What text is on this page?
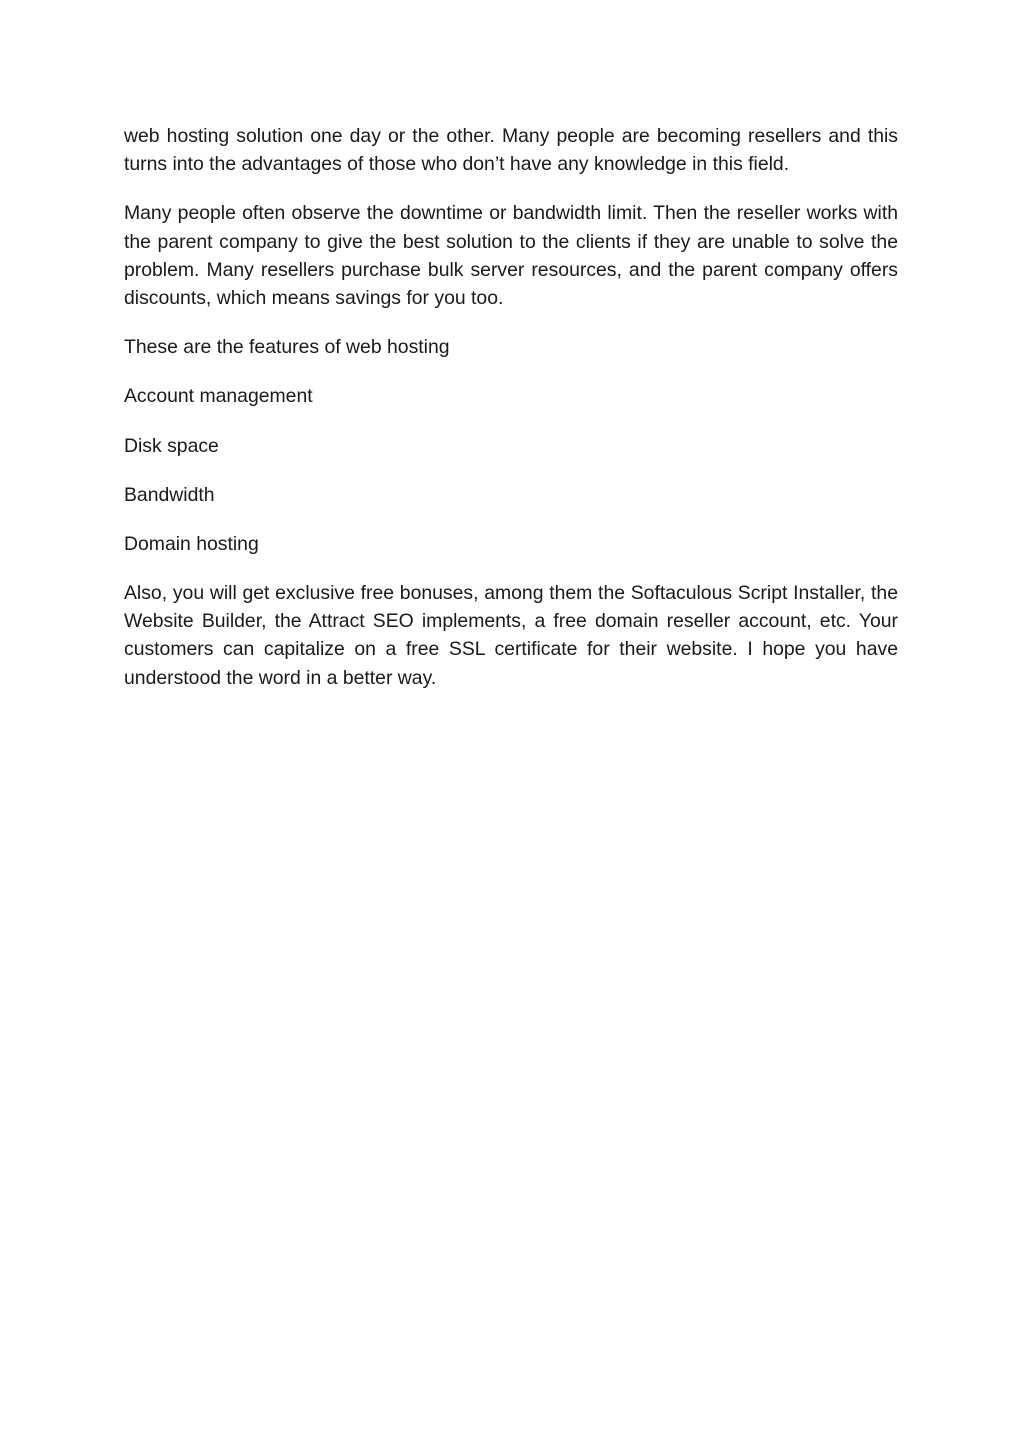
web hosting solution one day or the other. Many people are becoming resellers and this turns into the advantages of those who don’t have any knowledge in this field.

Many people often observe the downtime or bandwidth limit. Then the reseller works with the parent company to give the best solution to the clients if they are unable to solve the problem. Many resellers purchase bulk server resources, and the parent company offers discounts, which means savings for you too.

These are the features of web hosting

Account management

Disk space

Bandwidth

Domain hosting

Also, you will get exclusive free bonuses, among them the Softaculous Script Installer, the Website Builder, the Attract SEO implements, a free domain reseller account, etc. Your customers can capitalize on a free SSL certificate for their website. I hope you have understood the word in a better way.
